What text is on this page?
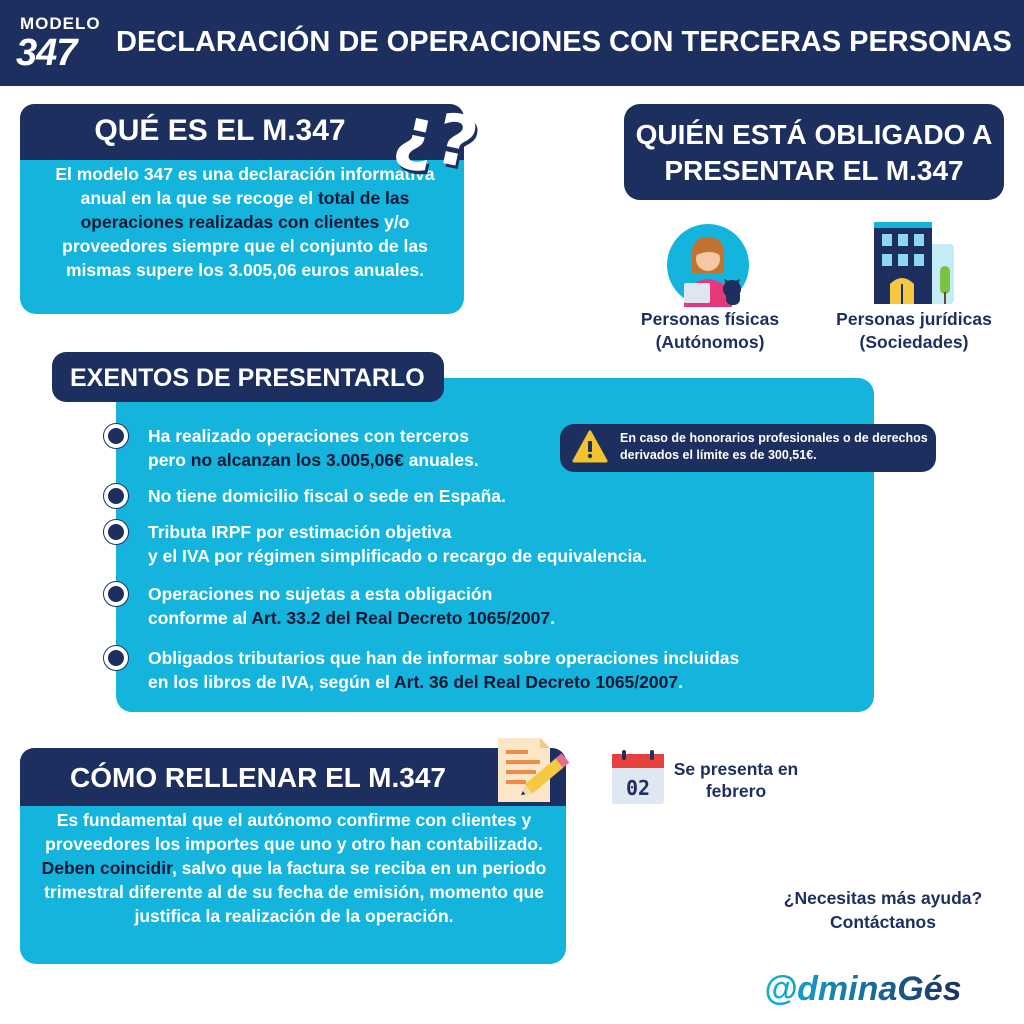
MODELO
347 DECLARACIÓN DE OPERACIONES CON TERCERAS PERSONAS
El modelo 347 es una declaración informativa anual en la que se recoge el total de las operaciones realizadas con clientes y/o proveedores siempre que el conjunto de las mismas supere los 3.005,06 euros anuales.
QUÉ ES EL M.347 ¿?	QUIÉN ESTÁ OBLIGADO A PRESENTAR EL M.347
Personas físicas (Autónomos)
Personas jurídicas (Sociedades)
EXENTOS DE PRESENTARLO
Ha realizado operaciones con terceros
pero no alcanzan los 3.005,06€ anuales.
No tiene domicilio fiscal o sede en España.
Tributa IRPF por estimación objetiva
y el IVA por régimen simplificado o recargo de equivalencia.
Operaciones no sujetas a esta obligación
conforme al Art. 33.2 del Real Decreto 1065/2007.
Obligados tributarios que han de informar sobre operaciones incluidas
en los libros de IVA, según el Art. 36 del Real Decreto 1065/2007.
En caso de honorarios profesionales o de derechos derivados el límite es de 300,51€.
Es fundamental que el autónomo confirme con clientes y proveedores los importes que uno y otro han contabilizado. Deben coincidir, salvo que la factura se reciba en un periodo trimestral diferente al de su fecha de emisión, momento que justifica la realización de la operación.
CÓMO RELLENAR EL M.347	02
Se presenta en febrero
¿Necesitas más ayuda?
Contáctanos
@dminaGés
